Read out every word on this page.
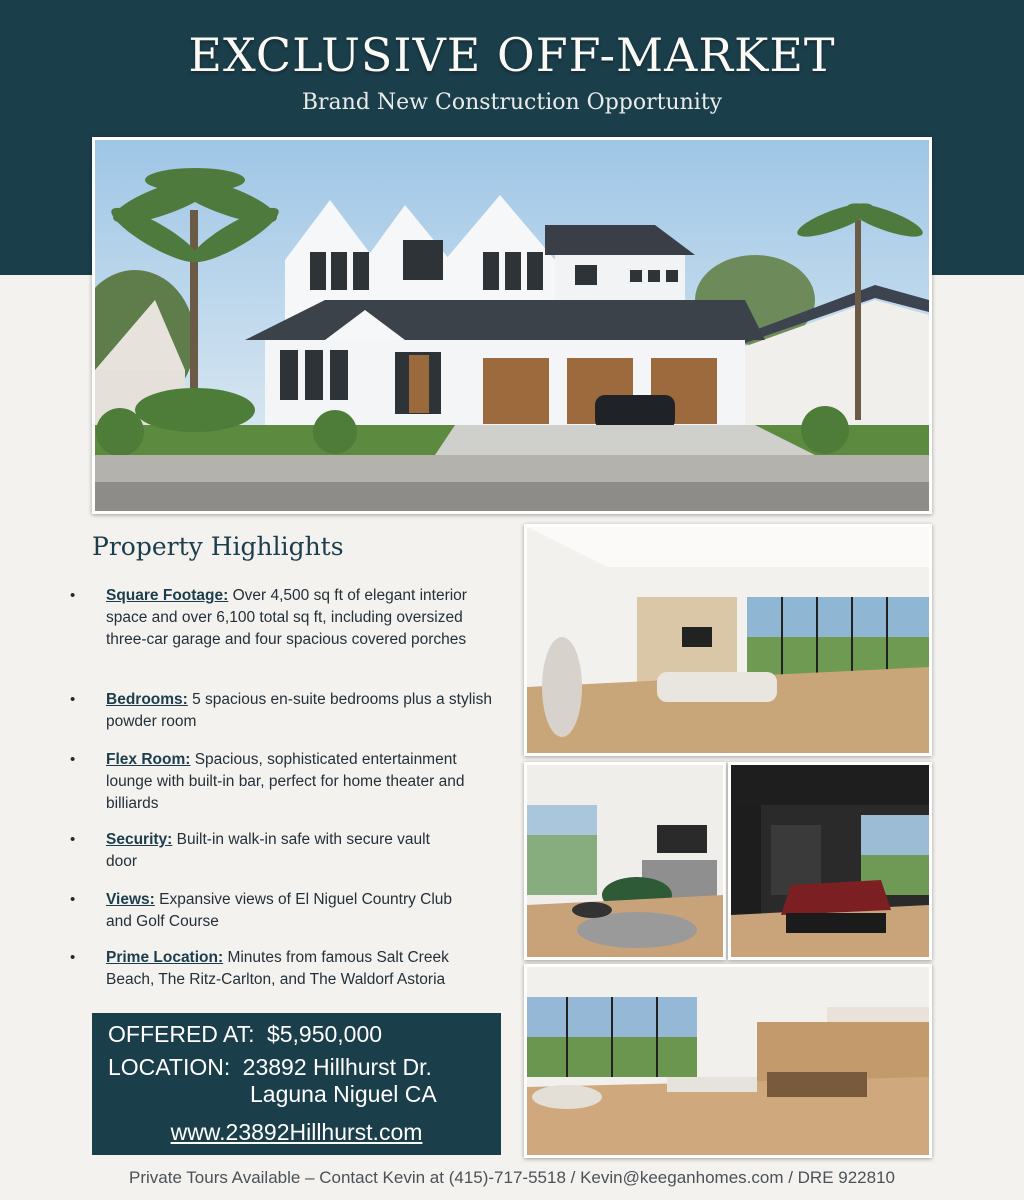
EXCLUSIVE OFF-MARKET
Brand New Construction Opportunity
Property Highlights
• Square Footage: Over 4,500 sq ft of elegant interior space and over 6,100 total sq ft, including oversized three-car garage and four spacious covered porches
• Bedrooms: 5 spacious en-suite bedrooms plus a stylish powder room
• Flex Room: Spacious, sophisticated entertainment lounge with built-in bar, perfect for home theater and billiards
• Security: Built-in walk-in safe with secure vault door
• Views: Expansive views of El Niguel Country Club and Golf Course
• Prime Location: Minutes from famous Salt Creek Beach, The Ritz-Carlton, and The Waldorf Astoria
OFFERED AT: $5,950,000
LOCATION: 23892 Hillhurst Dr.
Laguna Niguel CA
www.23892Hillhurst.com
Private Tours Available – Contact Kevin at (415)-717-5518 / Kevin@keeganhomes.com / DRE 922810
